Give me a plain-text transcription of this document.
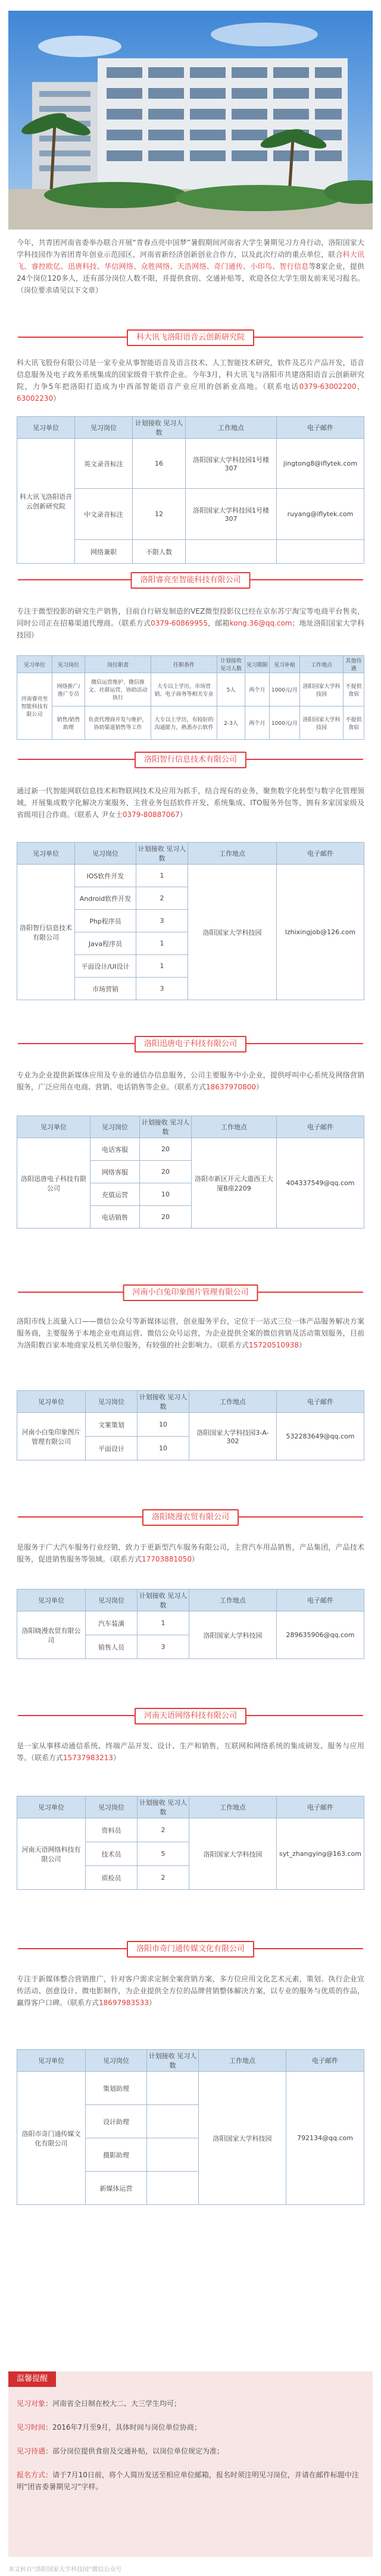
今年，共青团河南省委举办联合开展“青春点亮中国梦”暑假期间河南省大学生暑期见习方舟行动，洛阳国家大学科技园作为省团青年创业示范园区，河南省新经济创新创业合作方，以及此次行动的重点单位，联合科大讯飞、睿控欧亿、迅唐科技、华信网络、众胜网络、天浩网络、奇门通传、小印鸟、智行信息等8家企业，提供24个岗位120多人，还有部分岗位人数不限，并提供食宿、交通补贴等，欢迎各位大学生朋友前来见习报名。（岗位要求请见以下文章）
科大讯飞洛阳语音云创新研究院
科大讯飞股份有限公司是一家专业从事智能语音及语言技术、人工智能技术研究，软件及芯片产品开发，语音信息服务及电子政务系统集成的国家级骨干软件企业。今年3月，科大讯飞与洛阳市共建洛阳语音云创新研究院，力争5年把洛阳打造成为中西部智能语音产业应用的创新业高地。（联系电话0379-63002200，63002230）
见习单位	见习岗位	计划接收 见习人数	工作地点	电子邮件
科大讯飞洛阳语音云创新研究院	英文录音标注	16	洛阳国家大学科技园1号楼307	jingtong8@iflytek.com
	中文录音标注	12	洛阳国家大学科技园1号楼307	ruyang@iflytek.com
	网络兼职	不限人数		
洛阳睿亮至智能科技有限公司
专注于微型投影的研究生产销售，目前自行研发制造的VEZ微型投影仪已经在京东苏宁淘宝等电商平台售卖，同时公司正在招募渠道代理商。（联系方式0379-60869955，邮箱kong.36@qq.com；地址洛阳国家大学科技园）
见习单位	见习岗位	岗位职责	任职条件	计划接收见习人数	见习期限	见习补贴	工作地点	其他待遇
河南睿亮至智能科技有限公司	网络推广/推广专员	微信运营维护、微信推文、社群运营，协助活动执行	大专以上学历，市场营销、电子商务等相关专业	5人	两个月	1000元/月	洛阳国家大学科技园	不提供食宿
	销售/销售助理	负责代理商开发与维护，协助渠道销售等工作	大专以上学历，有较好的沟通能力，熟悉办公软件	2-3人	两个月	1000元/月	洛阳国家大学科技园	不提供食宿
洛阳智行信息技术有限公司
通过新一代智能网联信息技术和物联网技术及应用为抓手，结合现有的业务，聚焦数字化转型与数字化管理领域，开展集成数字化解决方案服务，主营业务包括软件开发、系统集成、ITO服务外包等，拥有多家国家级及省级项目合作商。（联系人 尹女士0379-80887067）
见习单位	见习岗位	计划接收 见习人数	工作地点	电子邮件
洛阳智行信息技术有限公司	IOS软件开发	1	洛阳国家大学科技园	lzhixingjob@126.com
	Android软件开发	2		
	Php程序员	3		
	Java程序员	1		
	平面设计/UI设计	1		
	市场营销	3		
洛阳迅唐电子科技有限公司
专业为企业提供新媒体应用及专业的通信办信息服务，公司主要服务中小企业，提供呼叫中心系统及网络营销服务，广泛应用在电商、营销、电话销售等企业。（联系方式18637970800）
见习单位	见习岗位	计划接收 见习人数	工作地点	电子邮件
洛阳迅唐电子科技有限公司	电话客服	20	洛阳市新区开元大道西王大厦B座2209	404337549@qq.com
	网络客服	20		
	充值运营	10		
	电话销售	20		
河南小白兔印象图片管理有限公司
洛阳市线上流量入口——微信公众号等新媒体运营，创业服务平台，定位于一站式三位一体产品服务解决方案服务商，主要服务于本地企业电商运营、微信公众号运营，为企业提供全案的微信营销及活动策划服务，目前为洛阳数百家本地商家及机关单位服务，有较强的社会影响力。（联系方式15720510938）
见习单位	见习岗位	计划接收 见习人数	工作地点	电子邮件
河南小白兔印象图片管理有限公司	文案策划	10	洛阳国家大学科技园3-A-302	532283649@qq.com
	平面设计	10		
洛阳晓漫农贸有限公司
是服务于广大汽车服务行业经销，致力于更新型汽车服务有限公司，主营汽车用品销售，产品集团，产品技术服务，促进销售服务等领域。（联系方式17703881050）
见习单位	见习岗位	计划接收 见习人数	工作地点	电子邮件
洛阳晓漫农贸有限公司	汽车装潢	1	洛阳国家大学科技园	289635906@qq.com
	销售人员	3		
河南天语网络科技有限公司
是一家从事移动通信系统、终端产品开发、设计、生产和销售，互联网和网络系统的集成研发、服务与应用等。（联系方式15737983213）
见习单位	见习岗位	计划接收 见习人数	工作地点	电子邮件
河南天语网络科技有限公司	资料员	2	洛阳国家大学科技园	syt_zhangying@163.com
	技术员	5		
	质检员	2		
洛阳市奇门通传媒文化有限公司
专注于新媒体整合营销推广，针对客户需求定制全案营销方案，多方位应用文化艺术元素，策划、执行企业宣传活动、创意设计、微电影制作，为企业提供全方位的品牌营销整体解决方案，以专业的服务与优质的作品，赢得客户口碑。（联系方式18697983533）
见习单位	见习岗位	计划接收 见习人数	工作地点	电子邮件
洛阳市奇门通传媒文化有限公司	策划助理		洛阳国家大学科技园	792134@qq.com
	设计助理			
	摄影助理			
	新媒体运营			
温馨提醒
见习对象：河南省全日制在校大二、大三学生均可；
见习时间：2016年7月至9月，具体时间与岗位单位协商；
见习待遇：部分岗位提供食宿及交通补贴，以岗位单位规定为准；
报名方式：请于7月10日前，将个人简历发送至相应单位邮箱，报名时须注明见习岗位，并请在邮件标题中注明“团省委暑期见习”字样。
本文转自“洛阳国家大学科技园”微信公众号
